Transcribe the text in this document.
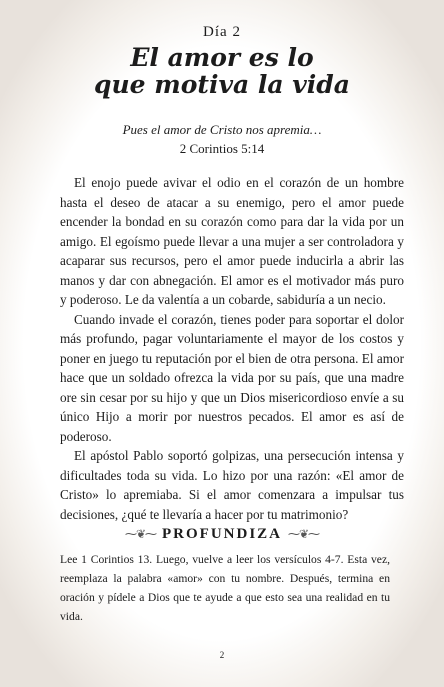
Día 2
El amor es lo
que motiva la vida
Pues el amor de Cristo nos apremia…
2 Corintios 5:14

El enojo puede avivar el odio en el corazón de un hombre hasta el deseo de atacar a su enemigo, pero el amor puede encender la bondad en su corazón como para dar la vida por un amigo. El egoísmo puede llevar a una mujer a ser controladora y acaparar sus recursos, pero el amor puede inducirla a abrir las manos y dar con abnegación. El amor es el motivador más puro y poderoso. Le da valentía a un cobarde, sabiduría a un necio.

Cuando invade el corazón, tienes poder para soportar el dolor más profundo, pagar voluntariamente el mayor de los costos y poner en juego tu reputación por el bien de otra persona. El amor hace que un soldado ofrezca la vida por su país, que una madre ore sin cesar por su hijo y que un Dios misericordioso envíe a su único Hijo a morir por nuestros pecados. El amor es así de poderoso.

El apóstol Pablo soportó golpizas, una persecución intensa y dificultades toda su vida. Lo hizo por una razón: «El amor de Cristo» lo apremiaba. Si el amor comenzara a impulsar tus decisiones, ¿qué te llevaría a hacer por tu matrimonio?

⁓❦⁓ PROFUNDIZA ⁓❦⁓
Lee 1 Corintios 13. Luego, vuelve a leer los versículos 4-7. Esta vez, reemplaza la palabra «amor» con tu nombre. Después, termina en oración y pídele a Dios que te ayude a que esto sea una realidad en tu vida.
2
